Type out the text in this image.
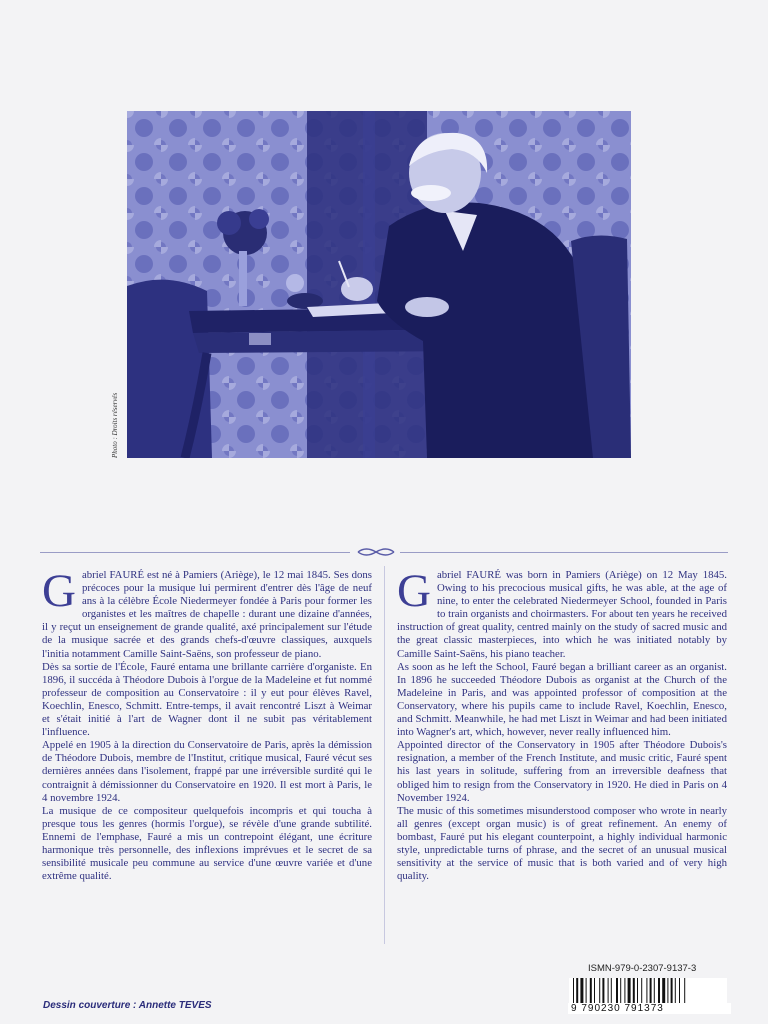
Photo : Droits réservés
G abriel FAURÉ est né à Pamiers (Ariège), le 12 mai 1845. Ses dons précoces pour la musique lui permirent d'entrer dès l'âge de neuf ans à la célèbre École Niedermeyer fondée à Paris pour former les organistes et les maîtres de chapelle : durant une dizaine d'années, il y reçut un enseignement de grande qualité, axé principalement sur l'étude de la musique sacrée et des grands chefs-d'œuvre classiques, auxquels l'initia notamment Camille Saint-Saëns, son professeur de piano.

Dès sa sortie de l'École, Fauré entama une brillante carrière d'organiste. En 1896, il succéda à Théodore Dubois à l'orgue de la Madeleine et fut nommé professeur de composition au Conservatoire : il y eut pour élèves Ravel, Koechlin, Enesco, Schmitt. Entre-temps, il avait rencontré Liszt à Weimar et s'était initié à l'art de Wagner dont il ne subit pas véritablement l'influence.

Appelé en 1905 à la direction du Conservatoire de Paris, après la démission de Théodore Dubois, membre de l'Institut, critique musical, Fauré vécut ses dernières années dans l'isolement, frappé par une irréversible surdité qui le contraignit à démissionner du Conservatoire en 1920. Il est mort à Paris, le 4 novembre 1924.

La musique de ce compositeur quelquefois incompris et qui toucha à presque tous les genres (hormis l'orgue), se révèle d'une grande subtilité. Ennemi de l'emphase, Fauré a mis un contrepoint élégant, une écriture harmonique très personnelle, des inflexions imprévues et le secret de sa sensibilité musicale peu commune au service d'une œuvre variée et d'une extrême qualité.

G abriel FAURÉ was born in Pamiers (Ariège) on 12 May 1845. Owing to his precocious musical gifts, he was able, at the age of nine, to enter the celebrated Niedermeyer School, founded in Paris to train organists and choirmasters. For about ten years he received instruction of great quality, centred mainly on the study of sacred music and the great classic masterpieces, into which he was initiated notably by Camille Saint-Saëns, his piano teacher.

As soon as he left the School, Fauré began a brilliant career as an organist. In 1896 he succeeded Théodore Dubois as organist at the Church of the Madeleine in Paris, and was appointed professor of composition at the Conservatory, where his pupils came to include Ravel, Koechlin, Enesco, and Schmitt. Meanwhile, he had met Liszt in Weimar and had been initiated into Wagner's art, which, however, never really influenced him.

Appointed director of the Conservatory in 1905 after Théodore Dubois's resignation, a member of the French Institute, and music critic, Fauré spent his last years in solitude, suffering from an irreversible deafness that obliged him to resign from the Conservatory in 1920. He died in Paris on 4 November 1924.

The music of this sometimes misunderstood composer who wrote in nearly all genres (except organ music) is of great refinement. An enemy of bombast, Fauré put his elegant counterpoint, a highly individual harmonic style, unpredictable turns of phrase, and the secret of an unusual musical sensitivity at the service of music that is both varied and of very high quality.

Dessin couverture : Annette TEVES
ISMN-979-0-2307-9137-3
9 790230 791373
